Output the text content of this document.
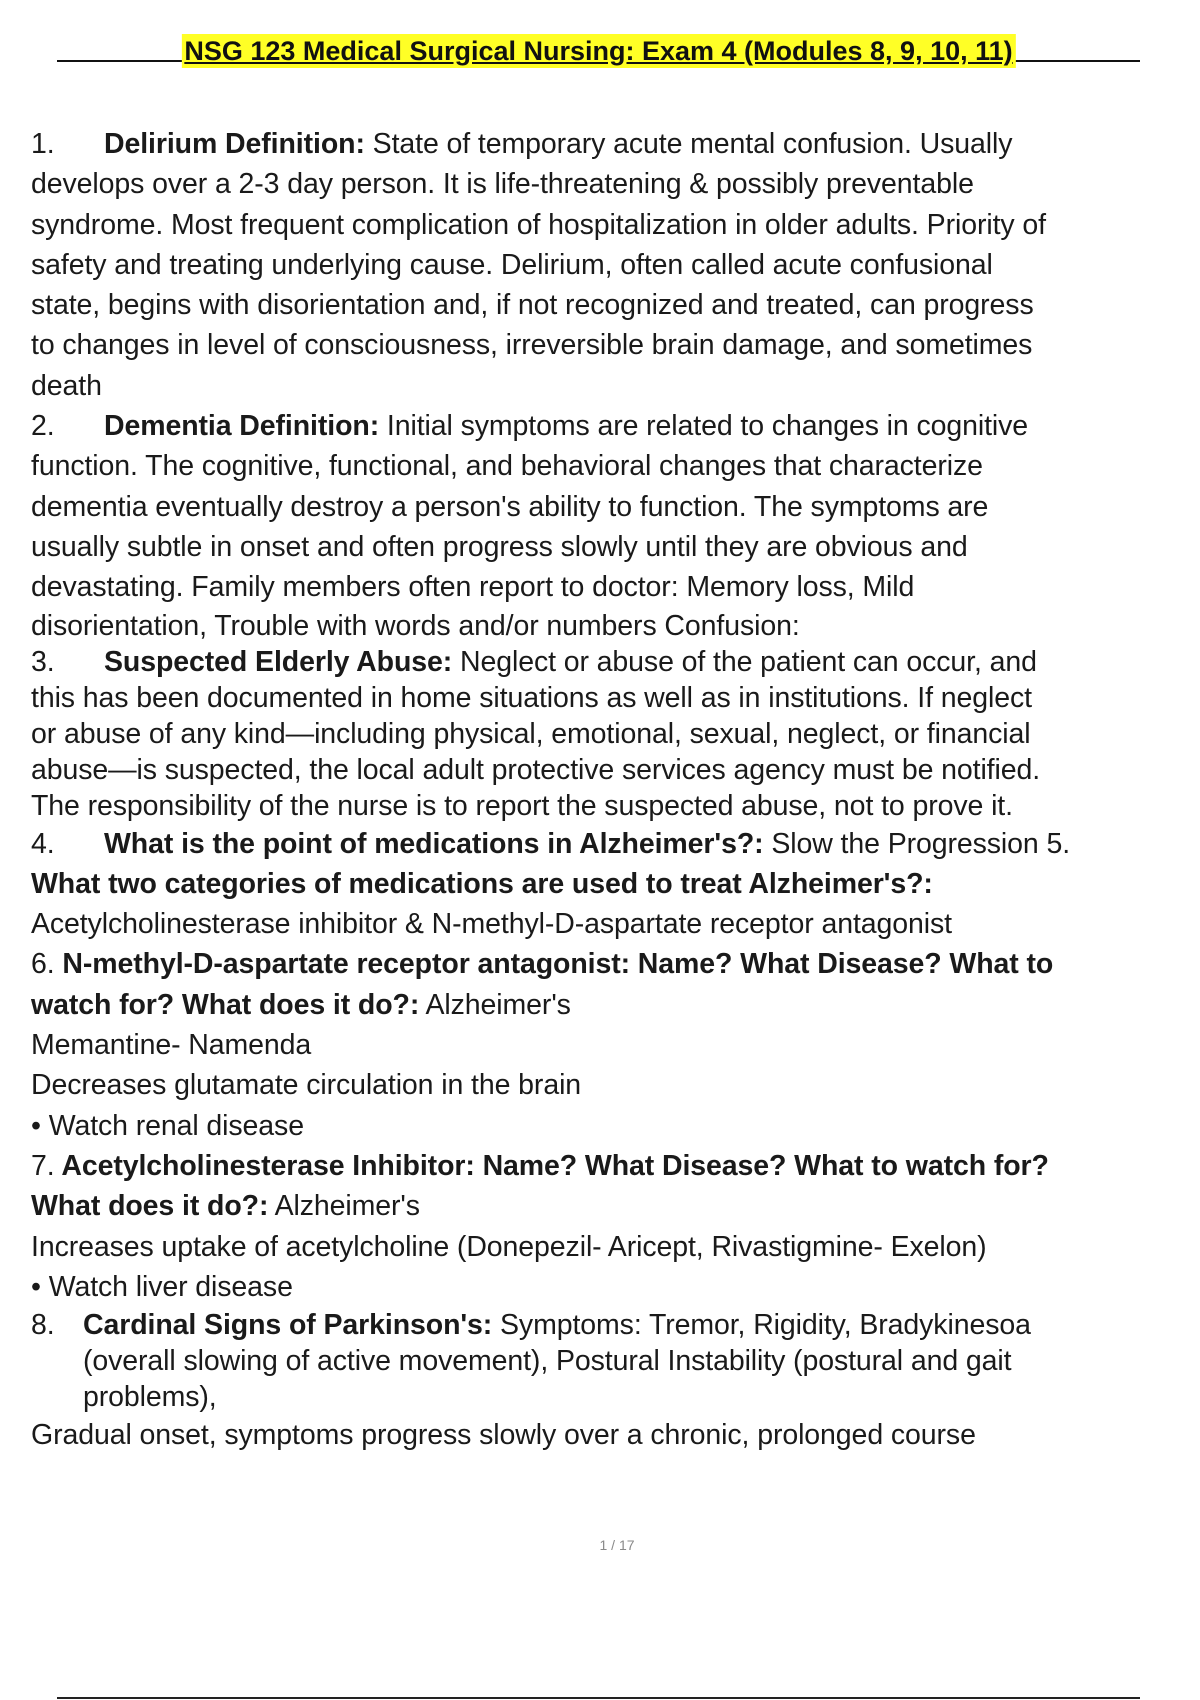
NSG 123 Medical Surgical Nursing: Exam 4 (Modules 8, 9, 10, 11)
1. Delirium Definition: State of temporary acute mental confusion. Usually
develops over a 2-3 day person. It is life-threatening & possibly preventable
syndrome. Most frequent complication of hospitalization in older adults. Priority of
safety and treating underlying cause. Delirium, often called acute confusional
state, begins with disorientation and, if not recognized and treated, can progress
to changes in level of consciousness, irreversible brain damage, and sometimes
death
2. Dementia Definition: Initial symptoms are related to changes in cognitive
function. The cognitive, functional, and behavioral changes that characterize
dementia eventually destroy a person's ability to function. The symptoms are
usually subtle in onset and often progress slowly until they are obvious and
devastating. Family members often report to doctor: Memory loss, Mild
disorientation, Trouble with words and/or numbers Confusion:
3. Suspected Elderly Abuse: Neglect or abuse of the patient can occur, and
this has been documented in home situations as well as in institutions. If neglect
or abuse of any kind—including physical, emotional, sexual, neglect, or financial
abuse—is suspected, the local adult protective services agency must be notified.
The responsibility of the nurse is to report the suspected abuse, not to prove it.
4. What is the point of medications in Alzheimer's?: Slow the Progression 5.
What two categories of medications are used to treat Alzheimer's?:
Acetylcholinesterase inhibitor & N-methyl-D-aspartate receptor antagonist
6. N-methyl-D-aspartate receptor antagonist: Name? What Disease? What to
watch for? What does it do?: Alzheimer's
Memantine- Namenda
Decreases glutamate circulation in the brain
• Watch renal disease
7. Acetylcholinesterase Inhibitor: Name? What Disease? What to watch for?
What does it do?: Alzheimer's
Increases uptake of acetylcholine (Donepezil- Aricept, Rivastigmine- Exelon)
• Watch liver disease
8. Cardinal Signs of Parkinson's: Symptoms: Tremor, Rigidity, Bradykinesoa
(overall slowing of active movement), Postural Instability (postural and gait
problems),
Gradual onset, symptoms progress slowly over a chronic, prolonged course
1 / 17
